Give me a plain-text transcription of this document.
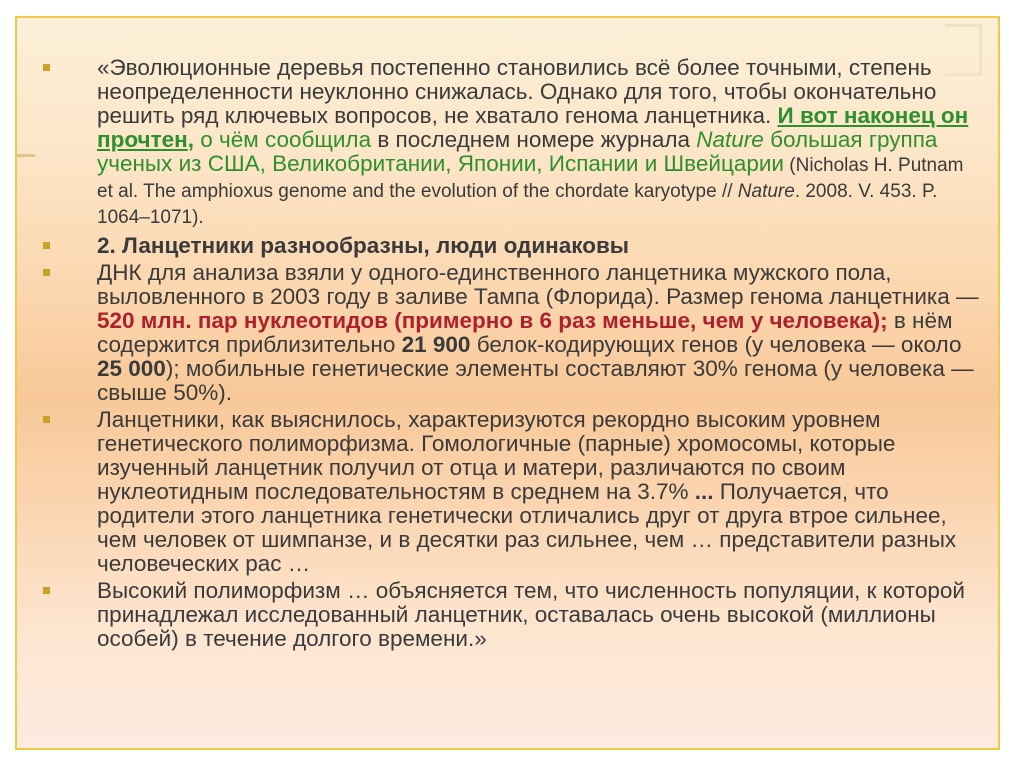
«Эволюционные деревья постепенно становились всё более точными, степень неопределенности неуклонно снижалась. Однако для того, чтобы окончательно решить ряд ключевых вопросов, не хватало генома ланцетника. И вот наконец он прочтен, о чём сообщила в последнем номере журнала Nature большая группа ученых из США, Великобритании, Японии, Испании и Швейцарии (Nicholas H. Putnam et al. The amphioxus genome and the evolution of the chordate karyotype // Nature. 2008. V. 453. P. 1064–1071).

2. Ланцетники разнообразны, люди одинаковы

ДНК для анализа взяли у одного-единственного ланцетника мужского пола, выловленного в 2003 году в заливе Тампа (Флорида). Размер генома ланцетника — 520 млн. пар нуклеотидов (примерно в 6 раз меньше, чем у человека); в нём содержится приблизительно 21 900 белок-кодирующих генов (у человека — около 25 000); мобильные генетические элементы составляют 30% генома (у человека — свыше 50%).

Ланцетники, как выяснилось, характеризуются рекордно высоким уровнем генетического полиморфизма. Гомологичные (парные) хромосомы, которые изученный ланцетник получил от отца и матери, различаются по своим нуклеотидным последовательностям в среднем на 3.7% ... Получается, что родители этого ланцетника генетически отличались друг от друга втрое сильнее, чем человек от шимпанзе, и в десятки раз сильнее, чем … представители разных человеческих рас …

Высокий полиморфизм … объясняется тем, что численность популяции, к которой принадлежал исследованный ланцетник, оставалась очень высокой (миллионы особей) в течение долгого времени.»
